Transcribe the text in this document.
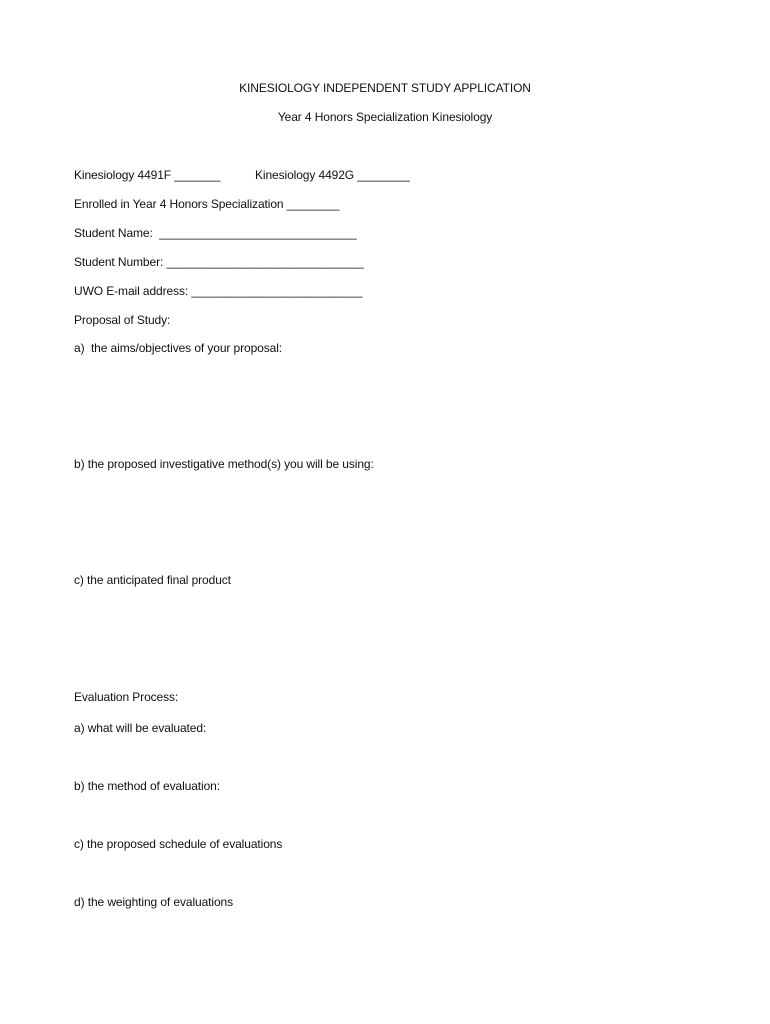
KINESIOLOGY INDEPENDENT STUDY APPLICATION
Year 4 Honors Specialization Kinesiology
Kinesiology 4491F _______	Kinesiology 4492G ________
Enrolled in Year 4 Honors Specialization ________
Student Name:  ______________________________
Student Number: ______________________________
UWO E-mail address: __________________________
Proposal of Study:
a)  the aims/objectives of your proposal:
b) the proposed investigative method(s) you will be using:
c) the anticipated final product
Evaluation Process:
a) what will be evaluated:
b) the method of evaluation:
c) the proposed schedule of evaluations
d) the weighting of evaluations
